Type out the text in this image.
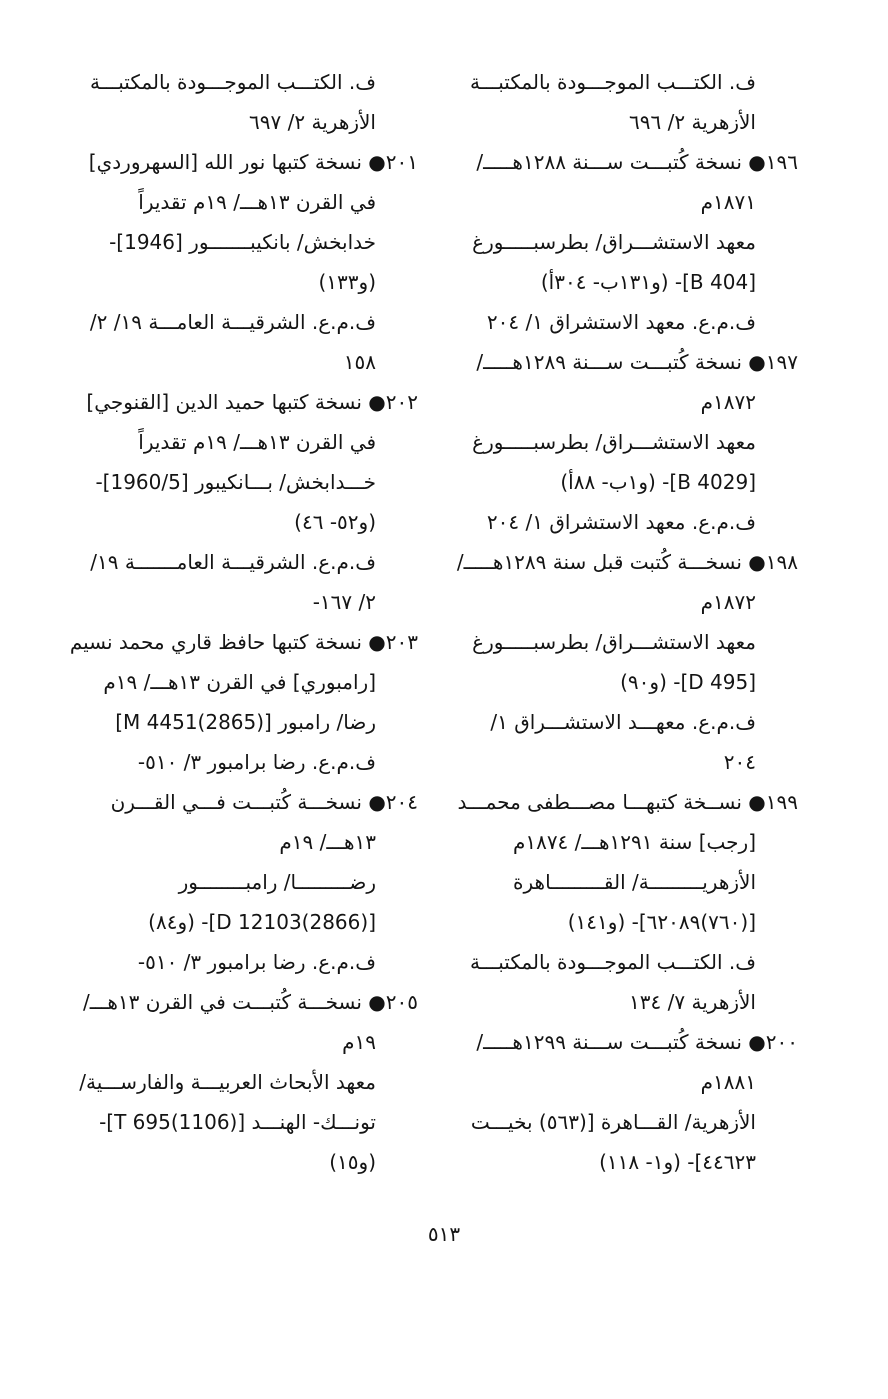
ف. الكتـــب الموجـــودة بالمكتبـــة
الأزهرية ٢/ ٦٩٦
١٩٦● نسخة كُتبـــت ســـنة ١٢٨٨هـــــ/
١٨٧١م
معهد الاستشـــراق/ بطرسبـــــورغ
[B 404]- (و١٣١ب- ٣٠٤أ)
ف.م.ع. معهد الاستشراق ١/ ٢٠٤
١٩٧● نسخة كُتبـــت ســـنة ١٢٨٩هـــــ/
١٨٧٢م
معهد الاستشـــراق/ بطرسبـــــورغ
[B 4029]- (و١ب- ٨٨أ)
ف.م.ع. معهد الاستشراق ١/ ٢٠٤
١٩٨● نسخـــة كُتبت قبل سنة ١٢٨٩هـــــ/
١٨٧٢م
معهد الاستشـــراق/ بطرسبـــــورغ
[D 495]- (و٩٠)
ف.م.ع. معهـــد الاستشـــراق ١/
٢٠٤
١٩٩● نســخة كتبهـــا مصـــطفى محمـــد
[رجب] سنة ١٢٩١هـــ/ ١٨٧٤م
الأزهريـــــــــة/ القـــــــــاهرة
[(٧٦٠)٦٢٠٨٩]- (و١٤١)
ف. الكتـــب الموجـــودة بالمكتبـــة
الأزهرية ٧/ ١٣٤
٢٠٠● نسخة كُتبـــت ســـنة ١٢٩٩هـــــ/
١٨٨١م
الأزهرية/ القـــاهرة [(٥٦٣) بخيـــت
٤٤٦٢٣]- (و١- ١١٨)
ف. الكتـــب الموجـــودة بالمكتبـــة
الأزهرية ٢/ ٦٩٧
٢٠١● نسخة كتبها نور الله [السهروردي]
في القرن ١٣هـــ/ ١٩م تقديراً
خدابخش/ بانكيبـــــــور [1946]-
(و١٣٣)
ف.م.ع. الشرقيـــة العامـــة ١٩/ ٢/
١٥٨
٢٠٢● نسخة كتبها حميد الدين [القنوجي]
في القرن ١٣هـــ/ ١٩م تقديراً
خـــدابخش/ بـــانكيبور [1960/5]-
(و٥٢- ٤٦)
ف.م.ع. الشرقيـــة العامـــــــة ١٩/
٢/ ١٦٧-
٢٠٣● نسخة كتبها حافظ قاري محمد نسيم
[رامبوري] في القرن ١٣هـــ/ ١٩م
رضا/ رامبور [M 4451(2865)]
ف.م.ع. رضا برامبور ٣/ ٥١٠-
٢٠٤● نسخـــة كُتبـــت فـــي القـــرن
١٣هـــ/ ١٩م
رضـــــــــا/ رامبــــــــور
[D 12103(2866)]- (و٨٤)
ف.م.ع. رضا برامبور ٣/ ٥١٠-
٢٠٥● نسخـــة كُتبـــت في القرن ١٣هـــ/
١٩م
معهد الأبحاث العربيـــة والفارســـية/
تونـــك- الهنـــد [T 695(1106)]-
(و١٥)
٥١٣
